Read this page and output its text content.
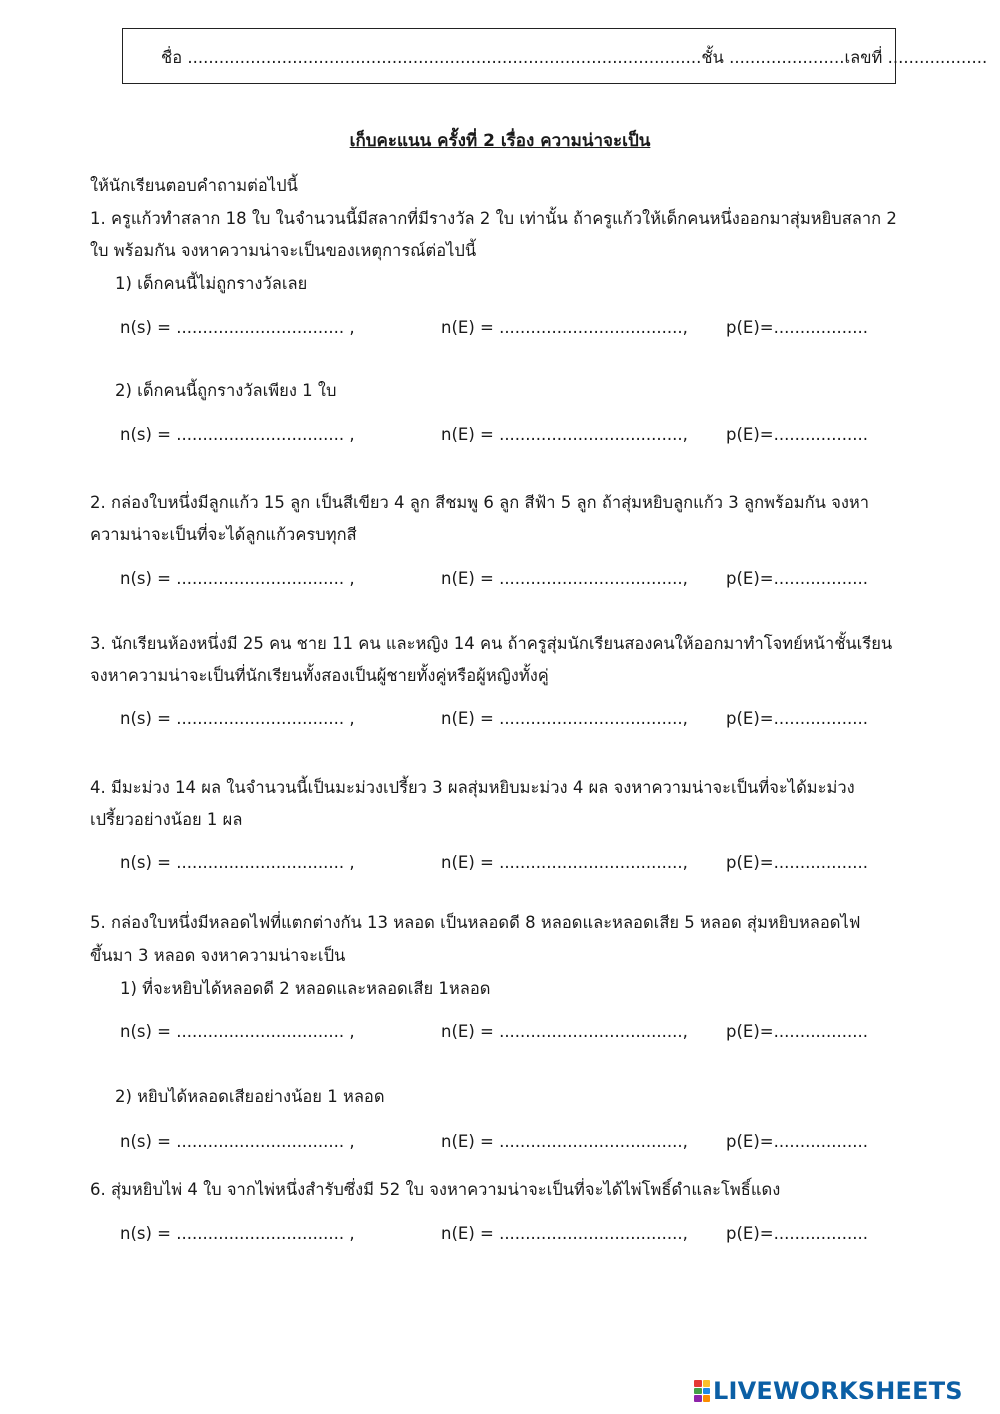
ชื่อ ..................................................................................................ชั้น ......................เลขที่ ...................
เก็บคะแนน ครั้งที่ 2 เรื่อง ความน่าจะเป็น
ให้นักเรียนตอบคำถามต่อไปนี้
1. ครูแก้วทำสลาก 18 ใบ ในจำนวนนี้มีสลากที่มีรางวัล 2 ใบ เท่านั้น ถ้าครูแก้วให้เด็กคนหนึ่งออกมาสุ่มหยิบสลาก 2
ใบ พร้อมกัน จงหาความน่าจะเป็นของเหตุการณ์ต่อไปนี้
1) เด็กคนนี้ไม่ถูกรางวัลเลย
n(s) = ................................ ,	n(E) = ..................................., p(E)=..................
2) เด็กคนนี้ถูกรางวัลเพียง 1 ใบ
n(s) = ................................ ,	n(E) = ..................................., p(E)=..................
2. กล่องใบหนึ่งมีลูกแก้ว 15 ลูก เป็นสีเขียว 4 ลูก สีชมพู 6 ลูก สีฟ้า 5 ลูก ถ้าสุ่มหยิบลูกแก้ว 3 ลูกพร้อมกัน จงหา
ความน่าจะเป็นที่จะได้ลูกแก้วครบทุกสี
n(s) = ................................ ,	n(E) = ..................................., p(E)=..................
3. นักเรียนห้องหนึ่งมี 25 คน ชาย 11 คน และหญิง 14 คน ถ้าครูสุ่มนักเรียนสองคนให้ออกมาทำโจทย์หน้าชั้นเรียน
จงหาความน่าจะเป็นที่นักเรียนทั้งสองเป็นผู้ชายทั้งคู่หรือผู้หญิงทั้งคู่
n(s) = ................................ ,	n(E) = ..................................., p(E)=..................
4. มีมะม่วง 14 ผล ในจำนวนนี้เป็นมะม่วงเปรี้ยว 3 ผลสุ่มหยิบมะม่วง 4 ผล จงหาความน่าจะเป็นที่จะได้มะม่วง
เปรี้ยวอย่างน้อย 1 ผล
n(s) = ................................ ,	n(E) = ..................................., p(E)=..................
5. กล่องใบหนึ่งมีหลอดไฟที่แตกต่างกัน 13 หลอด เป็นหลอดดี 8 หลอดและหลอดเสีย 5 หลอด สุ่มหยิบหลอดไฟ
ขึ้นมา 3 หลอด จงหาความน่าจะเป็น
1) ที่จะหยิบได้หลอดดี 2 หลอดและหลอดเสีย 1หลอด
n(s) = ................................ ,	n(E) = ..................................., p(E)=..................
2) หยิบได้หลอดเสียอย่างน้อย 1 หลอด
n(s) = ................................ ,	n(E) = ..................................., p(E)=..................
6. สุ่มหยิบไพ่ 4 ใบ จากไพ่หนึ่งสำรับซึ่งมี 52 ใบ จงหาความน่าจะเป็นที่จะได้ไพ่โพธิ์ดำและโพธิ์แดง
n(s) = ................................ ,	n(E) = ..................................., p(E)=..................
LIVEWORKSHEETS
